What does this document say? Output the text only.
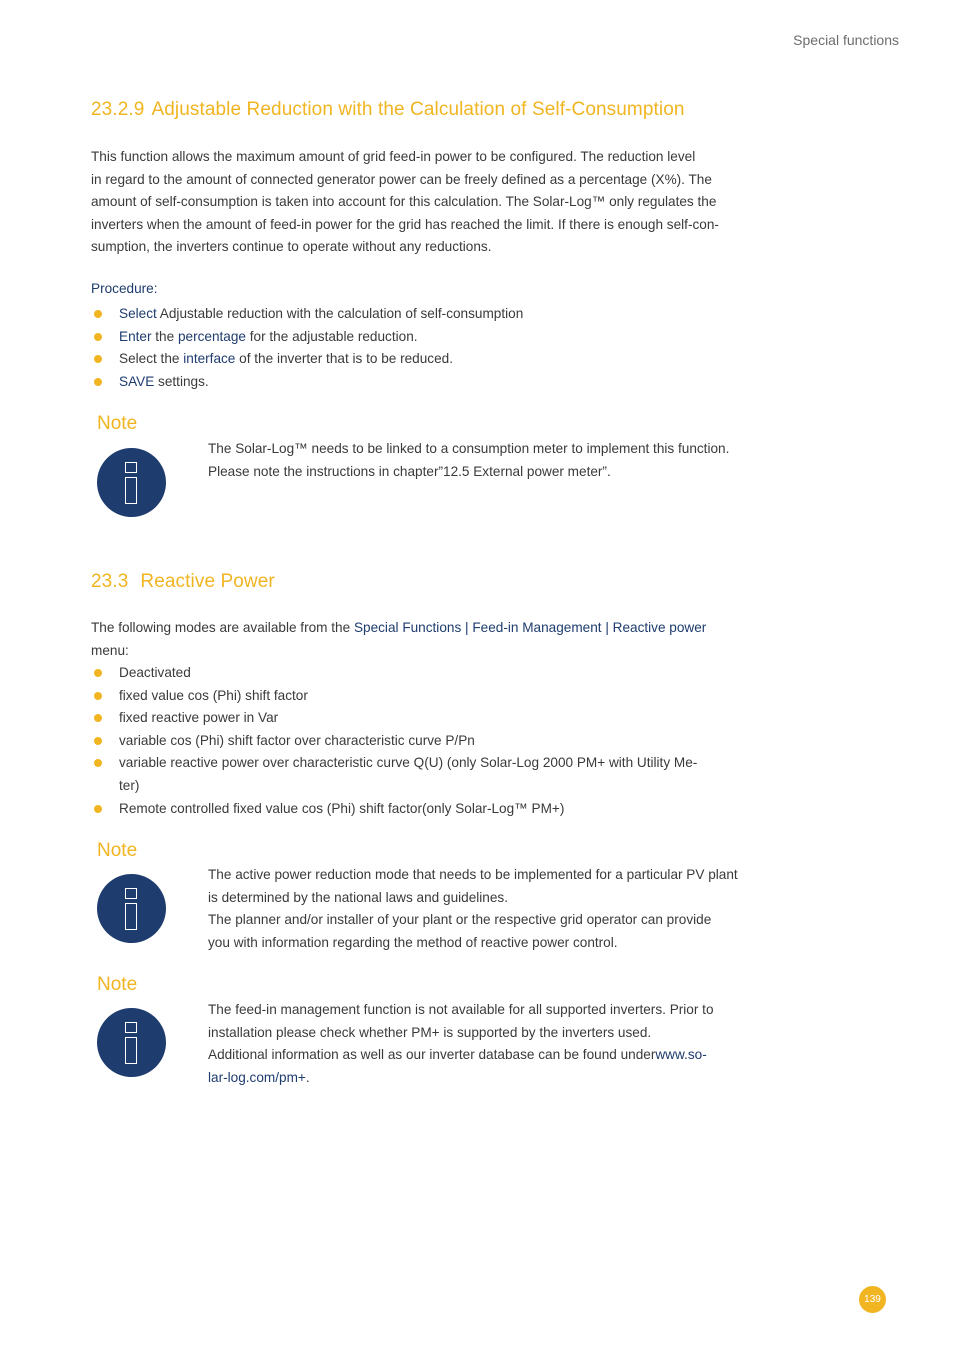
Special functions
23.2.9 Adjustable Reduction with the Calculation of Self-Consumption
This function allows the maximum amount of grid feed-in power to be configured. The reduction level
in regard to the amount of connected generator power can be freely defined as a percentage (X%). The
amount of self-consumption is taken into account for this calculation. The Solar-Log™ only regulates the
inverters when the amount of feed-in power for the grid has reached the limit. If there is enough self-con-
sumption, the inverters continue to operate without any reductions.
Procedure:
Select Adjustable reduction with the calculation of self-consumption
Enter the percentage for the adjustable reduction.
Select the interface of the inverter that is to be reduced.
SAVE settings.
Note

The Solar-Log™ needs to be linked to a consumption meter to implement this function.

Please note the instructions in chapter”12.5 External power meter”.

23.3 Reactive Power
The following modes are available from the Special Functions | Feed-in Management | Reactive power
menu:
Deactivated
fixed value cos (Phi) shift factor
fixed reactive power in Var
variable cos (Phi) shift factor over characteristic curve P/Pn
variable reactive power over characteristic curve Q(U) (only Solar-Log 2000 PM+ with Utility Me-
ter)
Remote controlled fixed value cos (Phi) shift factor(only Solar-Log™ PM+)
Note

The active power reduction mode that needs to be implemented for a particular PV plant

is determined by the national laws and guidelines.

The planner and/or installer of your plant or the respective grid operator can provide

you with information regarding the method of reactive power control.

Note

The feed-in management function is not available for all supported inverters. Prior to

installation please check whether PM+ is supported by the inverters used.

Additional information as well as our inverter database can be found underwww.so-

lar-log.com/pm+.

139
